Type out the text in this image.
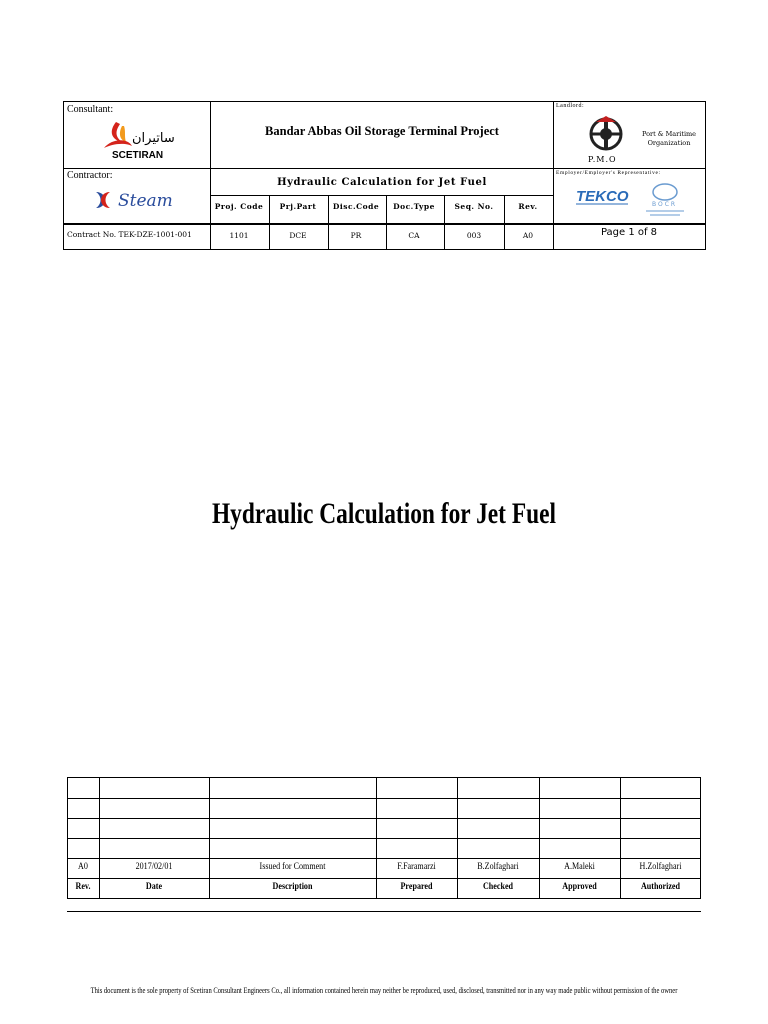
Consultant:
ساتیران
SCETIRAN
Bandar Abbas Oil Storage Terminal Project
Landlord:
P.M.O
Port & Maritime Organization
Contractor:
Steam
Hydraulic Calculation for Jet Fuel
Employer/Employer's Representative:
TEKCO	BOCR
Contract No. TEK-DZE-1001-001	Page 1 of 8
Proj. Code	Prj.Part	Disc.Code	Doc.Type	Seq. No.	Rev.
1101	DCE	PR	CA	003	A0
Hydraulic Calculation for Jet Fuel
A0	2017/02/01	Issued for Comment	F.Faramarzi	B.Zolfaghari	A.Maleki	H.Zolfaghari
Rev.	Date	Description	Prepared	Checked	Approved	Authorized
This document is the sole property of Scetiran Consultant Engineers Co., all information contained herein may neither be reproduced, used, disclosed, transmitted nor in any way made public without permission of the owner
